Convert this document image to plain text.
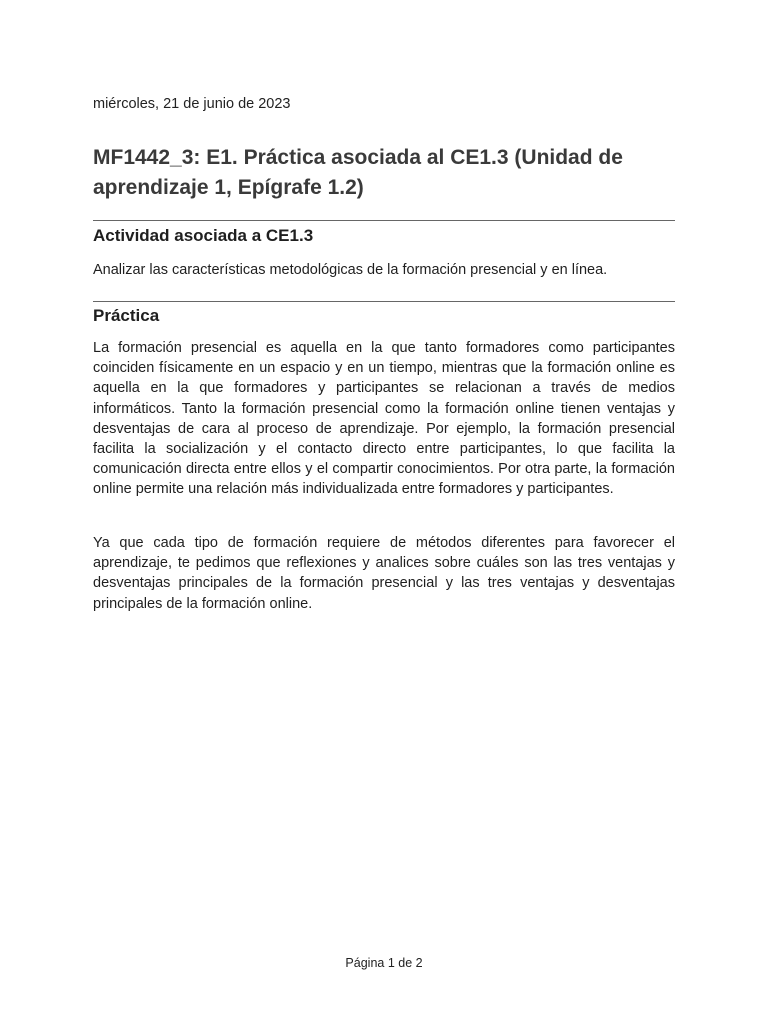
miércoles, 21 de junio de 2023
MF1442_3: E1. Práctica asociada al CE1.3 (Unidad de aprendizaje 1, Epígrafe 1.2)
Actividad asociada a CE1.3

Analizar las características metodológicas de la formación presencial y en línea.

Práctica

La formación presencial es aquella en la que tanto formadores como participantes coinciden físicamente en un espacio y en un tiempo, mientras que la formación online es aquella en la que formadores y participantes se relacionan a través de medios informáticos. Tanto la formación presencial como la formación online tienen ventajas y desventajas de cara al proceso de aprendizaje. Por ejemplo, la formación presencial facilita la socialización y el contacto directo entre participantes, lo que facilita la comunicación directa entre ellos y el compartir conocimientos. Por otra parte, la formación online permite una relación más individualizada entre formadores y participantes.

Ya que cada tipo de formación requiere de métodos diferentes para favorecer el aprendizaje, te pedimos que reflexiones y analices sobre cuáles son las tres ventajas y desventajas principales de la formación presencial y las tres ventajas y desventajas principales de la formación online.

Página 1 de 2
